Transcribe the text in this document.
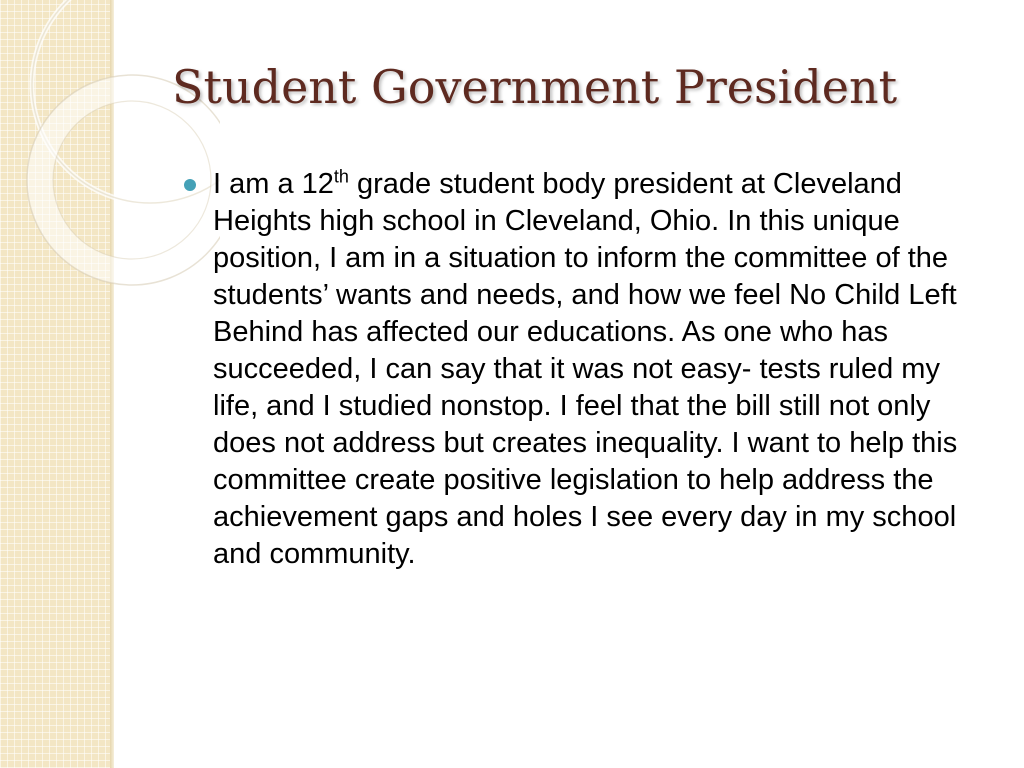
Student Government President
I am a 12th grade student body president at Cleveland Heights high school in Cleveland, Ohio. In this unique position, I am in a situation to inform the committee of the students’ wants and needs, and how we feel No Child Left Behind has affected our educations. As one who has succeeded, I can say that it was not easy- tests ruled my life, and I studied nonstop. I feel that the bill still not only does not address but creates inequality. I want to help this committee create positive legislation to help address the achievement gaps and holes I see every day in my school and community.
